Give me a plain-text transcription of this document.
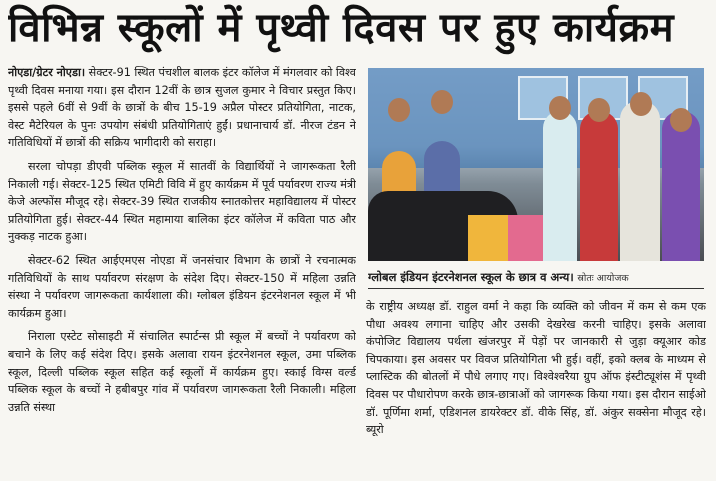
विभिन्न स्कूलों में पृथ्वी दिवस पर हुए कार्यक्रम

नोएडा/ग्रेटर नोएडा। सेक्टर-91 स्थित पंचशील बालक इंटर कॉलेज में मंगलवार को विश्व पृथ्वी दिवस मनाया गया। इस दौरान 12वीं के छात्र सुजल कुमार ने विचार प्रस्तुत किए। इससे पहले 6वीं से 9वीं के छात्रों के बीच 15-19 अप्रैल पोस्टर प्रतियोगिता, नाटक, वेस्ट मैटेरियल के पुनः उपयोग संबंधी प्रतियोगिताएं हुईं। प्रधानाचार्य डॉ. नीरज टंडन ने गतिविधियों में छात्रों की सक्रिय भागीदारी को सराहा।

सरला चोपड़ा डीएवी पब्लिक स्कूल में सातवीं के विद्यार्थियों ने जागरूकता रैली निकाली गई। सेक्टर-125 स्थित एमिटी विवि में हुए कार्यक्रम में पूर्व पर्यावरण राज्य मंत्री केजे अल्फोंस मौजूद रहे। सेक्टर-39 स्थित राजकीय स्नातकोत्तर महाविद्यालय में पोस्टर प्रतियोगिता हुई। सेक्टर-44 स्थित महामाया बालिका इंटर कॉलेज में कविता पाठ और नुक्कड़ नाटक हुआ।

सेक्टर-62 स्थित आईएमएस नोएडा में जनसंचार विभाग के छात्रों ने रचनात्मक गतिविधियों के साथ पर्यावरण संरक्षण के संदेश दिए। सेक्टर-150 में महिला उन्नति संस्था ने पर्यावरण जागरूकता कार्यशाला की। ग्लोबल इंडियन इंटरनेशनल स्कूल में भी कार्यक्रम हुआ।

निराला एस्टेट सोसाइटी में संचालित स्पार्टन्स प्री स्कूल में बच्चों ने पर्यावरण को बचाने के लिए कई संदेश दिए। इसके अलावा रायन इंटरनेशनल स्कूल, उमा पब्लिक स्कूल, दिल्ली पब्लिक स्कूल सहित कई स्कूलों में कार्यक्रम हुए। स्काई विग्स वर्ल्ड पब्लिक स्कूल के बच्चों ने हबीबपुर गांव में पर्यावरण जागरूकता रैली निकाली। महिला उन्नति संस्था

ग्लोबल इंडियन इंटरनेशनल स्कूल के छात्र व अन्य। स्रोतः आयोजक

के राष्ट्रीय अध्यक्ष डॉ. राहुल वर्मा ने कहा कि व्यक्ति को जीवन में कम से कम एक पौधा अवश्य लगाना चाहिए और उसकी देखरेख करनी चाहिए। इसके अलावा कंपोजिट विद्यालय पर्थला खंजरपुर में पेड़ों पर जानकारी से जुड़ा क्यूआर कोड चिपकाया। इस अवसर पर विवज प्रतियोगिता भी हुई। वहीं, इको क्लब के माध्यम से प्लास्टिक की बोतलों में पौधे लगाए गए। विश्वेश्वरैया ग्रुप ऑफ इंस्टीट्यूशंस में पृथ्वी दिवस पर पौधारोपण करके छात्र-छात्राओं को जागरूक किया गया। इस दौरान साईओ डॉ. पूर्णिमा शर्मा, एडिशनल डायरेक्टर डॉ. वीके सिंह, डॉ. अंकुर सक्सेना मौजूद रहे। ब्यूरो
